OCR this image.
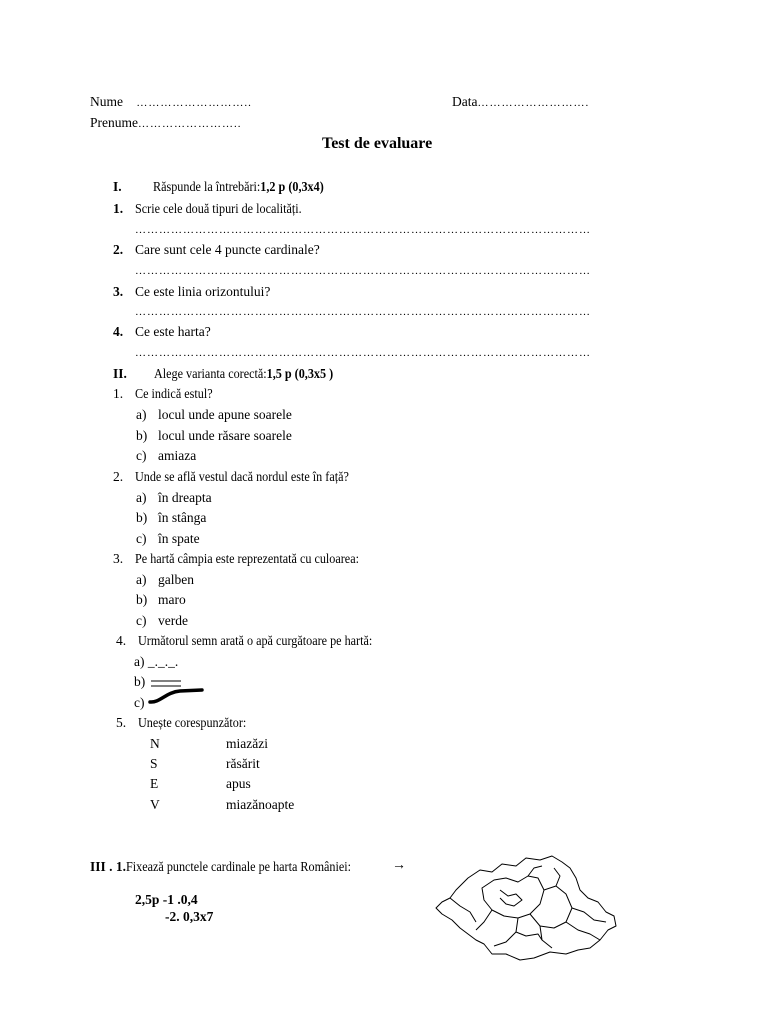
Nume ………………………..	Data……………………….
Prenume……………………..
Test de evaluare
I. Răspunde la întrebări:1,2 p (0,3x4)
1. Scrie cele două tipuri de localități.
……………………………………………………………………………………………………
2. Care sunt cele 4 puncte cardinale?
……………………………………………………………………………………………………
3. Ce este linia orizontului?
……………………………………………………………………………………………………
4. Ce este harta?
……………………………………………………………………………………………………
II. Alege varianta corectă:1,5 p (0,3x5 )
1. Ce indică estul?
a) locul unde apune soarele
b) locul unde răsare soarele
c) amiaza
2. Unde se află vestul dacă nordul este în față?
a) în dreapta
b) în stânga
c) în spate
3. Pe hartă câmpia este reprezentată cu culoarea:
a) galben
b) maro
c) verde
4. Următorul semn arată o apă curgătoare pe hartă:
a) _._._.
b)
c)
5. Unește corespunzător:
N
S
E
V
miazăzi
răsărit
apus
miazănoapte
III . 1.Fixează punctele cardinale pe harta României:	→
2,5p -1 .0,4
-2. 0,3x7
